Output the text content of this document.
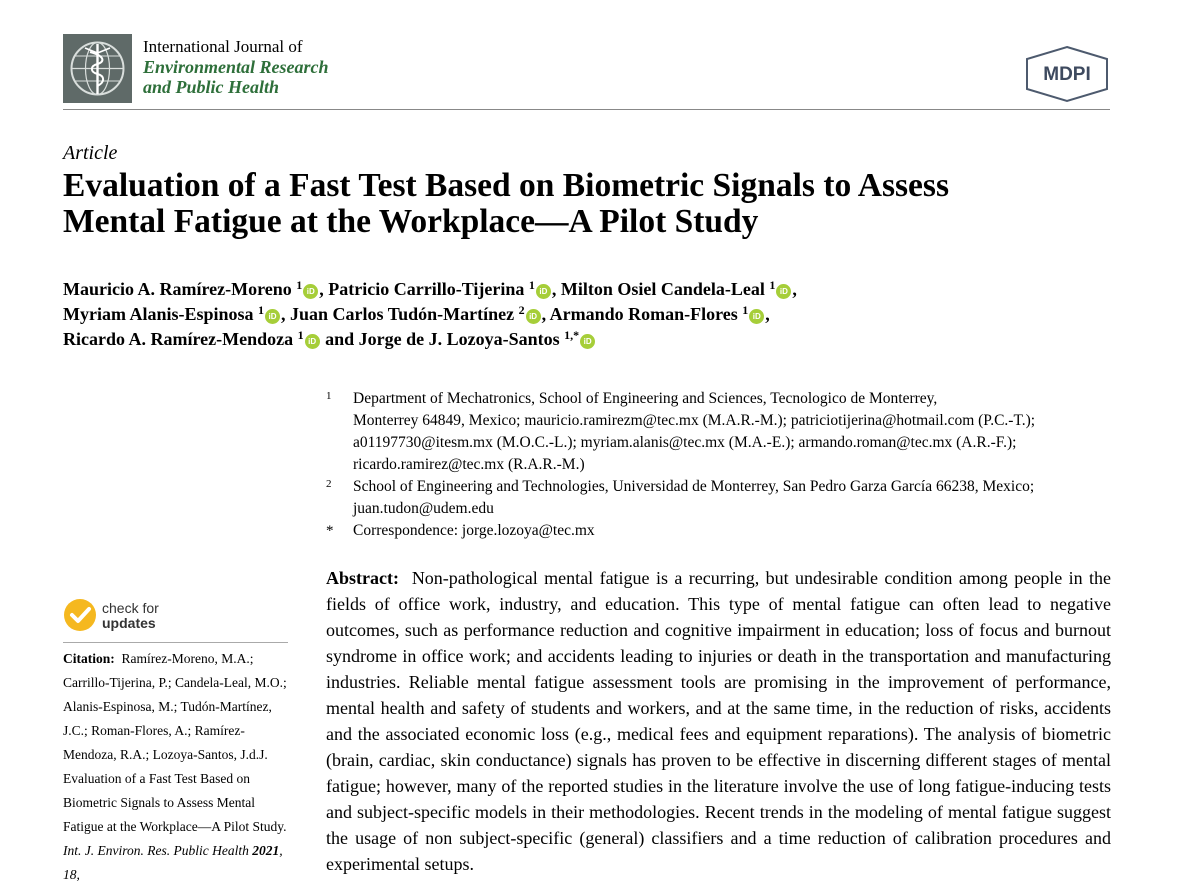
International Journal of
Environmental Research
and Public Health
MDPI
Article
Evaluation of a Fast Test Based on Biometric Signals to Assess
Mental Fatigue at the Workplace—A Pilot Study
Mauricio A. Ramírez-Moreno $^1$ iD , Patricio Carrillo-Tijerina $^1$ iD , Milton Osiel Candela-Leal $^1$ iD ,
Myriam Alanis-Espinosa $^1$ iD , Juan Carlos Tudón-Martínez $^2$ iD , Armando Roman-Flores $^1$ iD ,
Ricardo A. Ramírez-Mendoza $^1$ iD and Jorge de J. Lozoya-Santos $^{1,*}$ iD
1 Department of Mechatronics, School of Engineering and Sciences, Tecnologico de Monterrey,
Monterrey 64849, Mexico; mauricio.ramirezm@tec.mx (M.A.R.-M.); patriciotijerina@hotmail.com (P.C.-T.);
a01197730@itesm.mx (M.O.C.-L.); myriam.alanis@tec.mx (M.A.-E.); armando.roman@tec.mx (A.R.-F.);
ricardo.ramirez@tec.mx (R.A.R.-M.)
2 School of Engineering and Technologies, Universidad de Monterrey, San Pedro Garza García 66238, Mexico;
juan.tudon@udem.edu
* Correspondence: jorge.lozoya@tec.mx
Abstract: Non-pathological mental fatigue is a recurring, but undesirable condition among people in the fields of office work, industry, and education. This type of mental fatigue can often lead to negative outcomes, such as performance reduction and cognitive impairment in education; loss of focus and burnout syndrome in office work; and accidents leading to injuries or death in the transportation and manufacturing industries. Reliable mental fatigue assessment tools are promising in the improvement of performance, mental health and safety of students and workers, and at the same time, in the reduction of risks, accidents and the associated economic loss (e.g., medical fees and equipment reparations). The analysis of biometric (brain, cardiac, skin conductance) signals has proven to be effective in discerning different stages of mental fatigue; however, many of the reported studies in the literature involve the use of long fatigue-inducing tests and subject-specific models in their methodologies. Recent trends in the modeling of mental fatigue suggest the usage of non subject-specific (general) classifiers and a time reduction of calibration procedures and experimental setups.
check for
updates
Citation: Ramírez-Moreno, M.A.; Carrillo-Tijerina, P.; Candela-Leal, M.O.; Alanis-Espinosa, M.; Tudón-Martínez, J.C.; Roman-Flores, A.; Ramírez-Mendoza, R.A.; Lozoya-Santos, J.d.J. Evaluation of a Fast Test Based on Biometric Signals to Assess Mental Fatigue at the Workplace—A Pilot Study. Int. J. Environ. Res. Public Health 2021, 18,
